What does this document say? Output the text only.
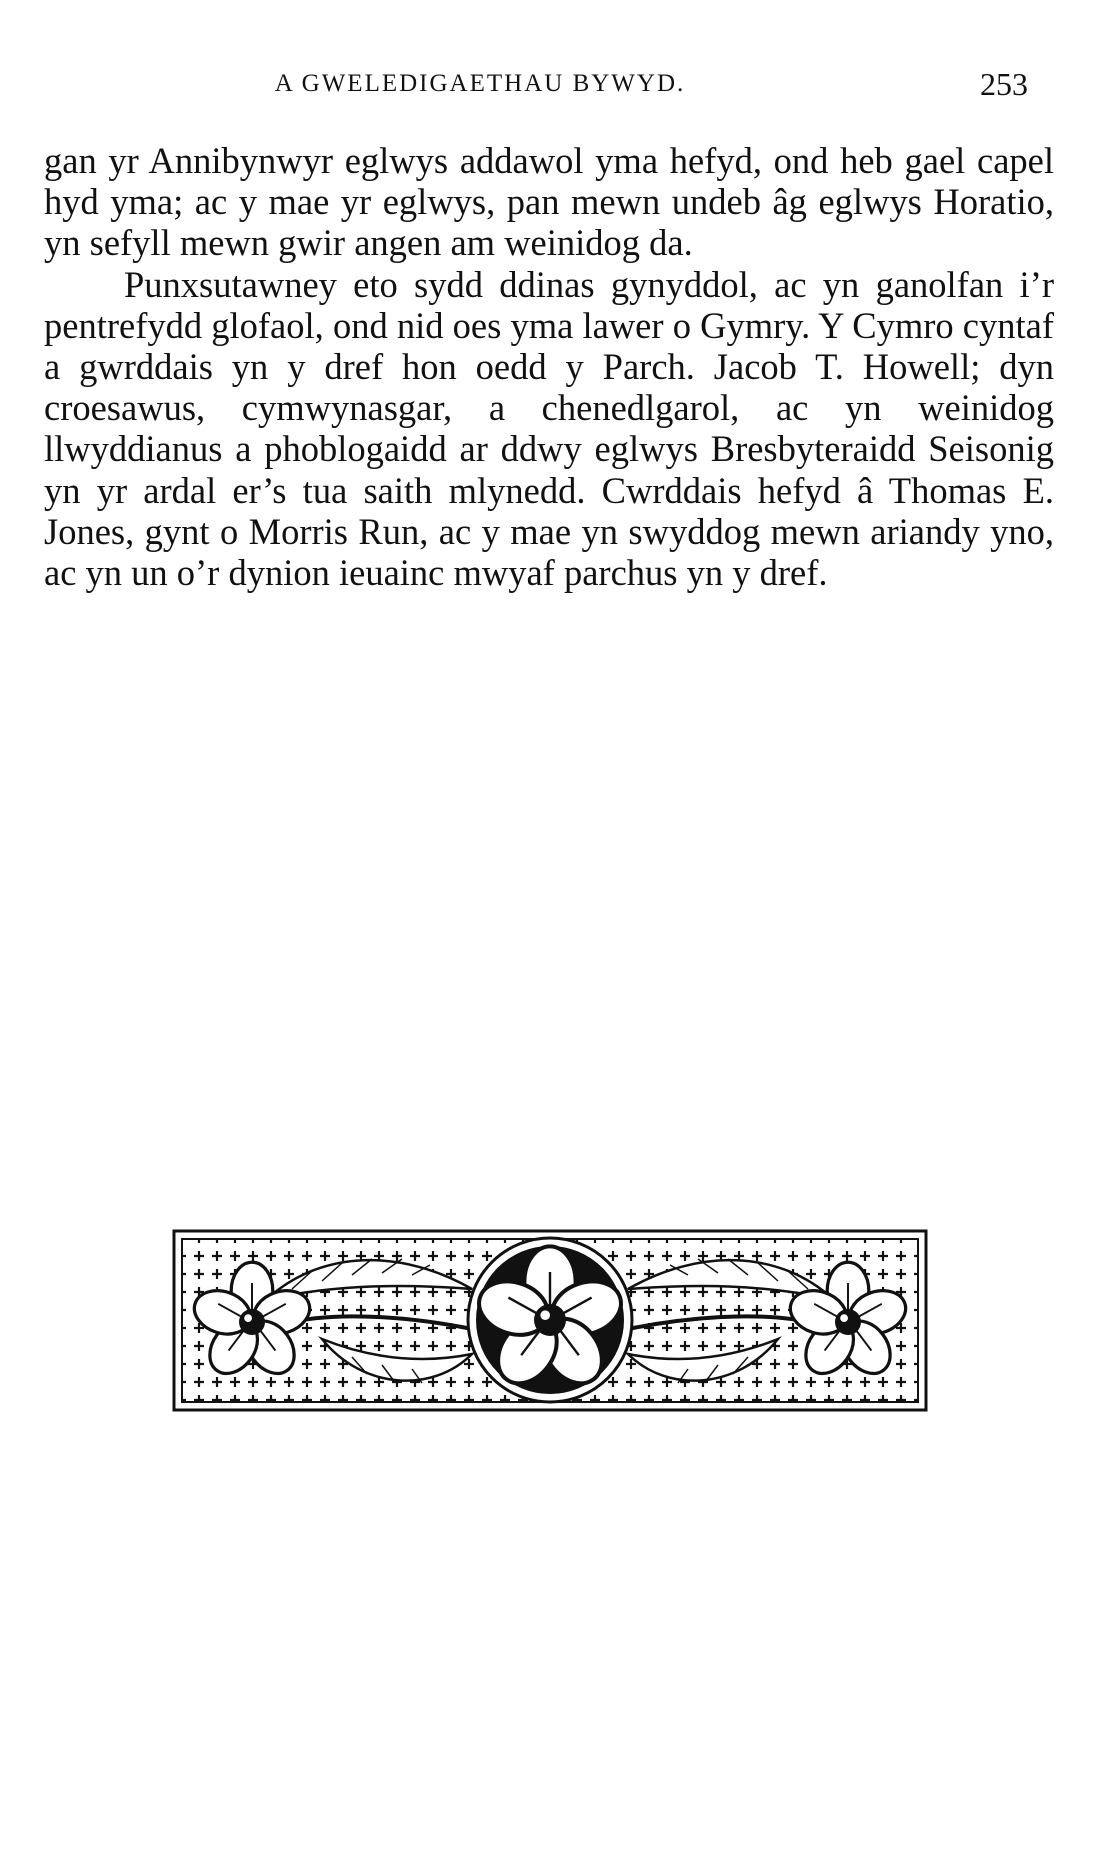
A GWELEDIGAETHAU BYWYD.	253

gan yr Annibynwyr eglwys addawol yma hefyd, ond heb gael capel hyd yma; ac y mae yr eglwys, pan mewn undeb âg eglwys Horatio, yn sefyll mewn gwir angen am weinidog da.

Punxsutawney eto sydd ddinas gynyddol, ac yn ganolfan i’r pentrefydd glofaol, ond nid oes yma lawer o Gymry. Y Cymro cyntaf a gwrddais yn y dref hon oedd y Parch. Jacob T. Howell; dyn croesawus, cymwynasgar, a chenedlgarol, ac yn weinidog llwyddianus a phoblogaidd ar ddwy eglwys Bresbyteraidd Seisonig yn yr ardal er’s tua saith mlynedd. Cwrddais hefyd â Thomas E. Jones, gynt o Morris Run, ac y mae yn swyddog mewn ariandy yno, ac yn un o’r dynion ieuainc mwyaf parchus yn y dref.
